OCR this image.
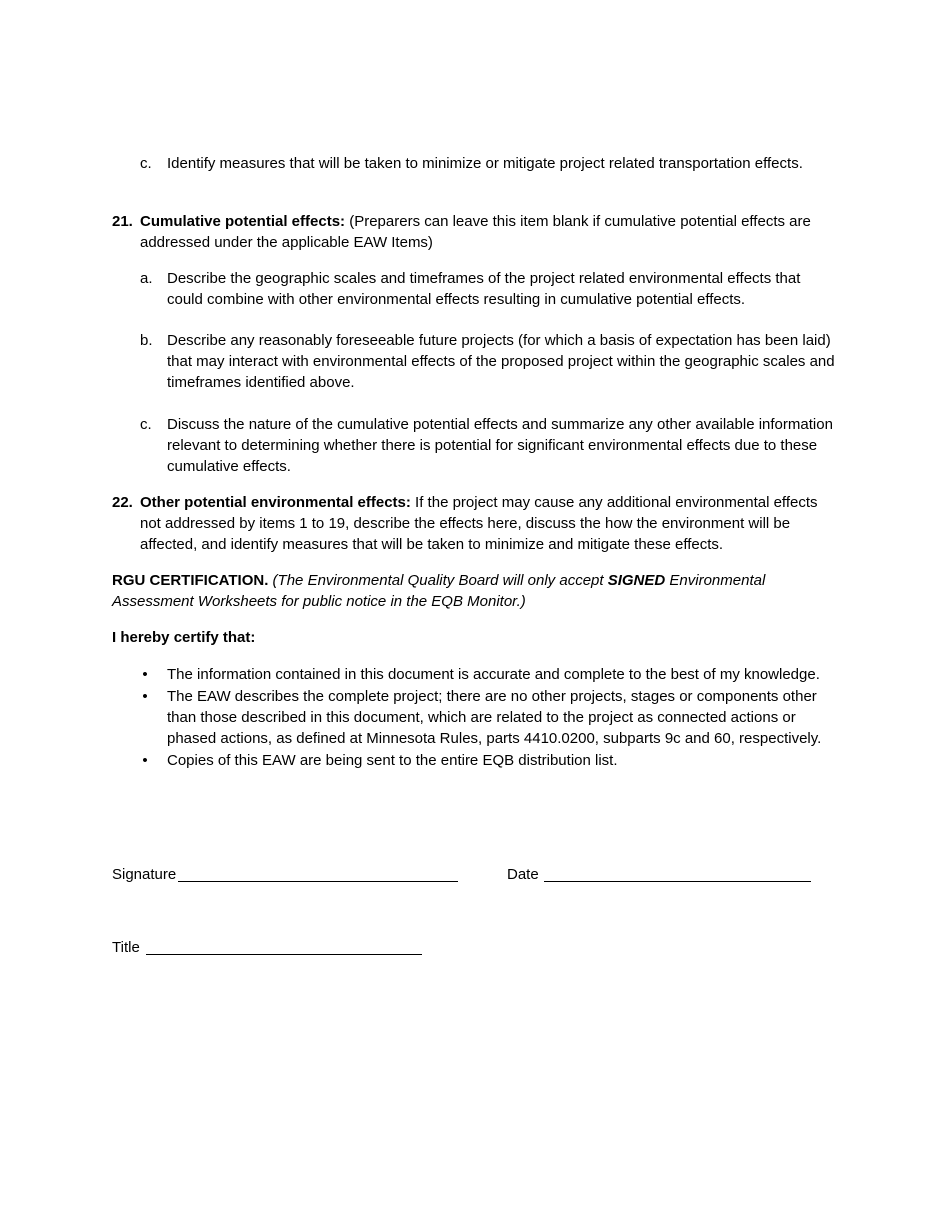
c.	Identify measures that will be taken to minimize or mitigate project related transportation effects.
21. Cumulative potential effects: (Preparers can leave this item blank if cumulative potential effects are addressed under the applicable EAW Items)
a. Describe the geographic scales and timeframes of the project related environmental effects that could combine with other environmental effects resulting in cumulative potential effects.
b. Describe any reasonably foreseeable future projects (for which a basis of expectation has been laid) that may interact with environmental effects of the proposed project within the geographic scales and timeframes identified above.
c.	Discuss the nature of the cumulative potential effects and summarize any other available information relevant to determining whether there is potential for significant environmental effects due to these cumulative effects.
22. Other potential environmental effects: If the project may cause any additional environmental effects not addressed by items 1 to 19, describe the effects here, discuss the how the environment will be affected, and identify measures that will be taken to minimize and mitigate these effects.
RGU CERTIFICATION. (The Environmental Quality Board will only accept SIGNED Environmental Assessment Worksheets for public notice in the EQB Monitor.)
I hereby certify that:
• The information contained in this document is accurate and complete to the best of my knowledge.
• The EAW describes the complete project; there are no other projects, stages or components other than those described in this document, which are related to the project as connected actions or phased actions, as defined at Minnesota Rules, parts 4410.0200, subparts 9c and 60, respectively.
• Copies of this EAW are being sent to the entire EQB distribution list.
Signature	Date
Title
